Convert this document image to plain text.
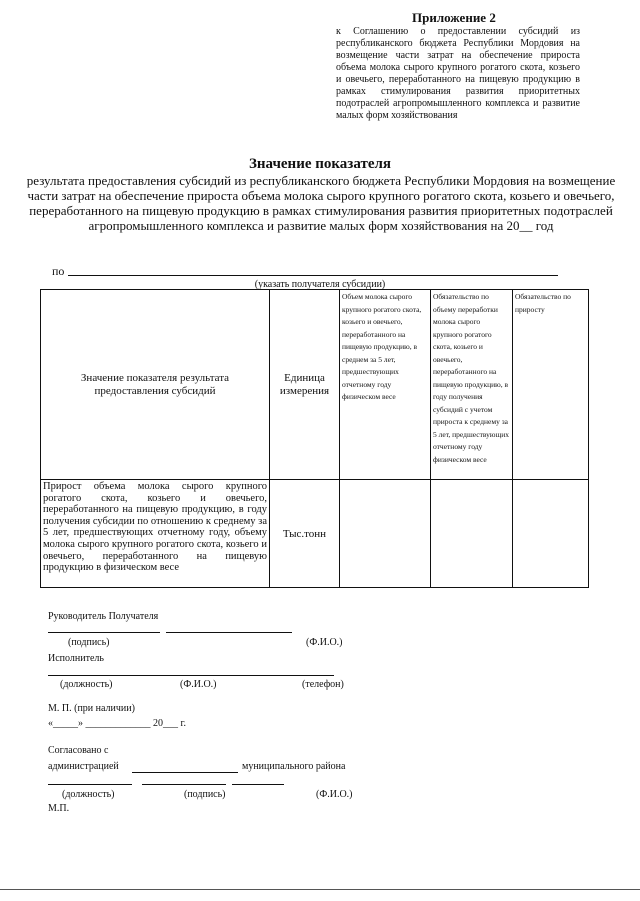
Приложение 2
к Соглашению о предоставлении субсидий из республиканского бюджета Республики Мордовия на возмещение части затрат на обеспечение прироста объема молока сырого крупного рогатого скота, козьего и овечьего, переработанного на пищевую продукцию в рамках стимулирования развития приоритетных подотраслей агропромышленного комплекса и развитие малых форм хозяйствования
Значение показателя
результата предоставления субсидий из республиканского бюджета Республики Мордовия на возмещение части затрат на обеспечение прироста объема молока сырого крупного рогатого скота, козьего и овечьего, переработанного на пищевую продукцию в рамках стимулирования развития приоритетных подотраслей агропромышленного комплекса и развитие малых форм хозяйствования на 20__ год
по
(указать получателя субсидии)
Значение показателя результата предоставления субсидий	Единица измерения	Объем молока сырого крупного рогатого скота, козьего и овечьего, переработанного на пищевую продукцию, в среднем за 5 лет, предшествующих отчетному году физическом весе	Обязательство по объему переработки молока сырого крупного рогатого скота, козьего и овечьего, переработанного на пищевую продукцию, в году получения субсидий с учетом прироста к среднему за 5 лет, предшествующих отчетному году физическом весе	Обязательство по приросту
Прирост объема молока сырого крупного рогатого скота, козьего и овечьего, переработанного на пищевую продукцию, в году получения субсидии по отношению к среднему за 5 лет, предшествующих отчетному году, объему молока сырого крупного рогатого скота, козьего и овечьего, переработанного на пищевую продукцию в физическом весе	Тыс.тонн			
Руководитель Получателя
(подпись)	(Ф.И.О.)
Исполнитель
(должность)	(Ф.И.О.)	(телефон)
М. П. (при наличии)
«_____» _____________ 20___ г.
Согласовано с
администрацией	муниципального района
(должность)	(подпись)	(Ф.И.О.)
М.П.
